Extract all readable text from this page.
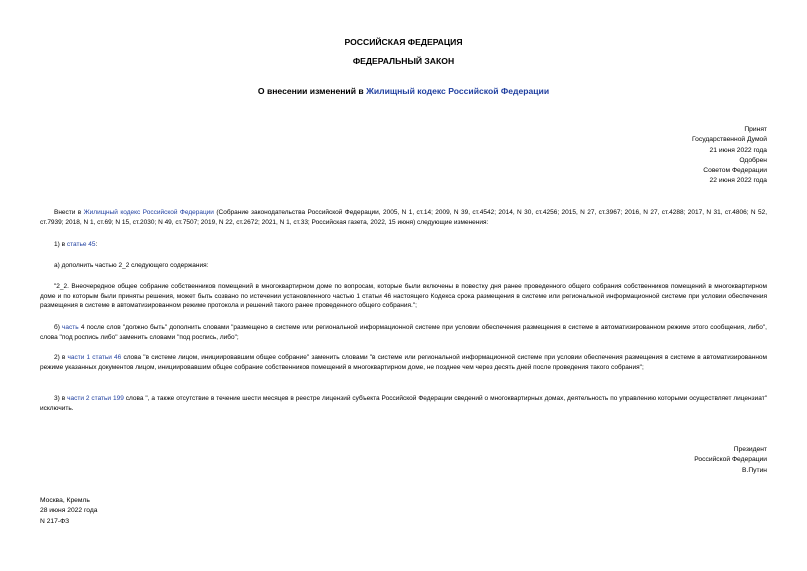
РОССИЙСКАЯ ФЕДЕРАЦИЯ
ФЕДЕРАЛЬНЫЙ ЗАКОН
О внесении изменений в Жилищный кодекс Российской Федерации
Принят
Государственной Думой
21 июня 2022 года
Одобрен
Советом Федерации
22 июня 2022 года
Внести в Жилищный кодекс Российской Федерации (Собрание законодательства Российской Федерации, 2005, N 1, ст.14; 2009, N 39, ст.4542; 2014, N 30, ст.4256; 2015, N 27, ст.3967; 2016, N 27, ст.4288; 2017, N 31, ст.4806; N 52, ст.7939; 2018, N 1, ст.69; N 15, ст.2030; N 49, ст.7507; 2019, N 22, ст.2672; 2021, N 1, ст.33; Российская газета, 2022, 15 июня) следующие изменения:
1) в статье 45:
а) дополнить частью 2_2 следующего содержания:
"2_2. Внеочередное общее собрание собственников помещений в многоквартирном доме по вопросам, которые были включены в повестку дня ранее проведенного общего собрания собственников помещений в многоквартирном доме и по которым были приняты решения, может быть созвано по истечении установленного частью 1 статьи 46 настоящего Кодекса срока размещения в системе или региональной информационной системе при условии обеспечения размещения в системе в автоматизированном режиме протокола и решений такого ранее проведенного общего собрания.";
б) часть 4 после слов "должно быть" дополнить словами "размещено в системе или региональной информационной системе при условии обеспечения размещения в системе в автоматизированном режиме этого сообщения, либо", слова "под роспись либо" заменить словами "под роспись, либо";
2) в части 1 статьи 46 слова "в системе лицом, инициировавшим общее собрание" заменить словами "в системе или региональной информационной системе при условии обеспечения размещения в системе в автоматизированном режиме указанных документов лицом, инициировавшим общее собрание собственников помещений в многоквартирном доме, не позднее чем через десять дней после проведения такого собрания";
3) в части 2 статьи 199 слова ", а также отсутствие в течение шести месяцев в реестре лицензий субъекта Российской Федерации сведений о многоквартирных домах, деятельность по управлению которыми осуществляет лицензиат" исключить.
Президент
Российской Федерации
В.Путин
Москва, Кремль
28 июня 2022 года
N 217-ФЗ
